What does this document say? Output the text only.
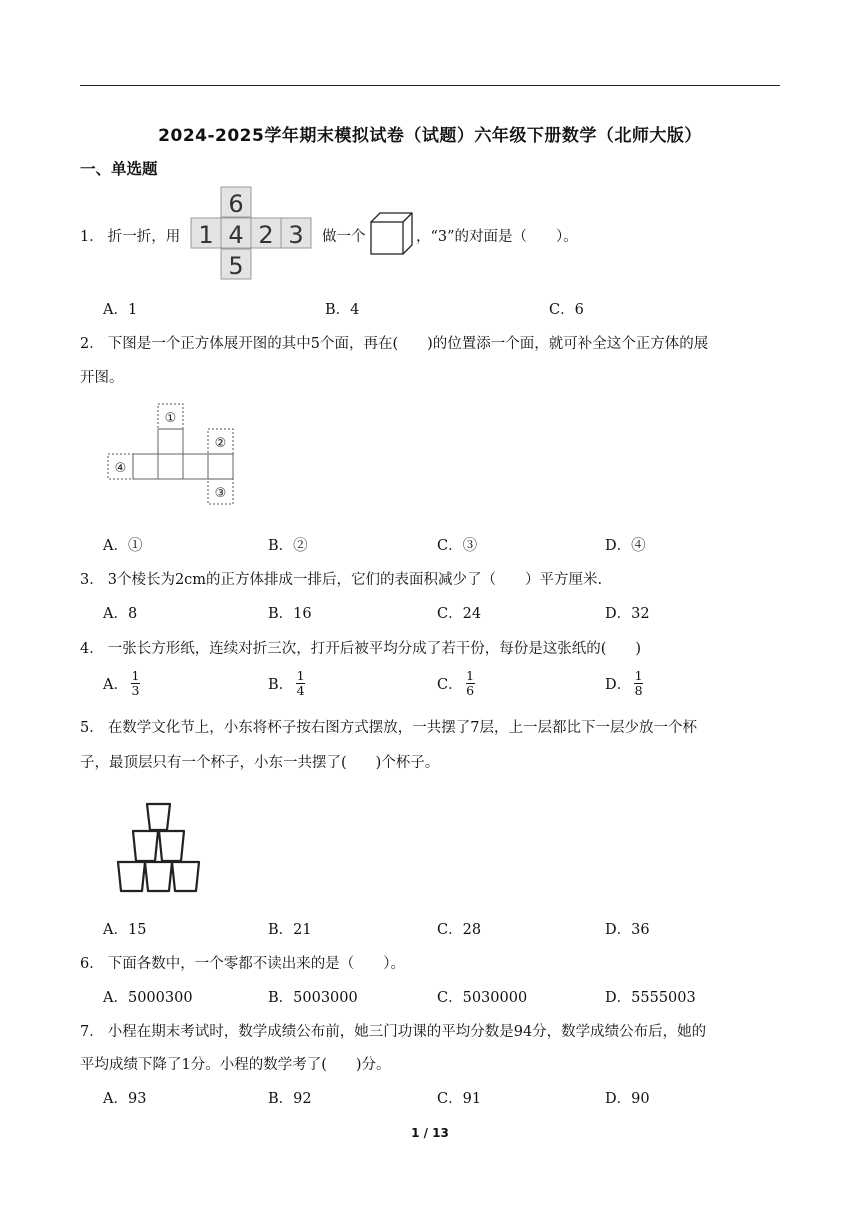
2024-2025学年期末模拟试卷（试题）六年级下册数学（北师大版）
一、单选题
1． 折一折，用
6
1 4 2 3
5
做一个	，“3”的对面是（　　）。
A．1	B．4	C．6
2． 下图是一个正方体展开图的其中5个面，再在(　　)的位置添一个面，就可补全这个正方体的展
开图。
①
②
③
④
A．①	B．②	C．③	D．④
3． 3个棱长为2cm的正方体排成一排后，它们的表面积减少了（　　）平方厘米.
A．8	B．16	C．24	D．32
4． 一张长方形纸，连续对折三次，打开后被平均分成了若干份，每份是这张纸的(　　)
A． $\frac{1}{3}$	B． $\frac{1}{4}$	C． $\frac{1}{6}$	D． $\frac{1}{8}$
5． 在数学文化节上，小东将杯子按右图方式摆放，一共摆了7层，上一层都比下一层少放一个杯
子，最顶层只有一个杯子，小东一共摆了(　　)个杯子。
A．15	B．21	C．28	D．36
6． 下面各数中，一个零都不读出来的是（　　）。
A．5000300	B．5003000	C．5030000	D．5555003
7． 小程在期末考试时，数学成绩公布前，她三门功课的平均分数是94分，数学成绩公布后，她的
平均成绩下降了1分。小程的数学考了(　　)分。
A．93	B．92	C．91	D．90
1 / 13
